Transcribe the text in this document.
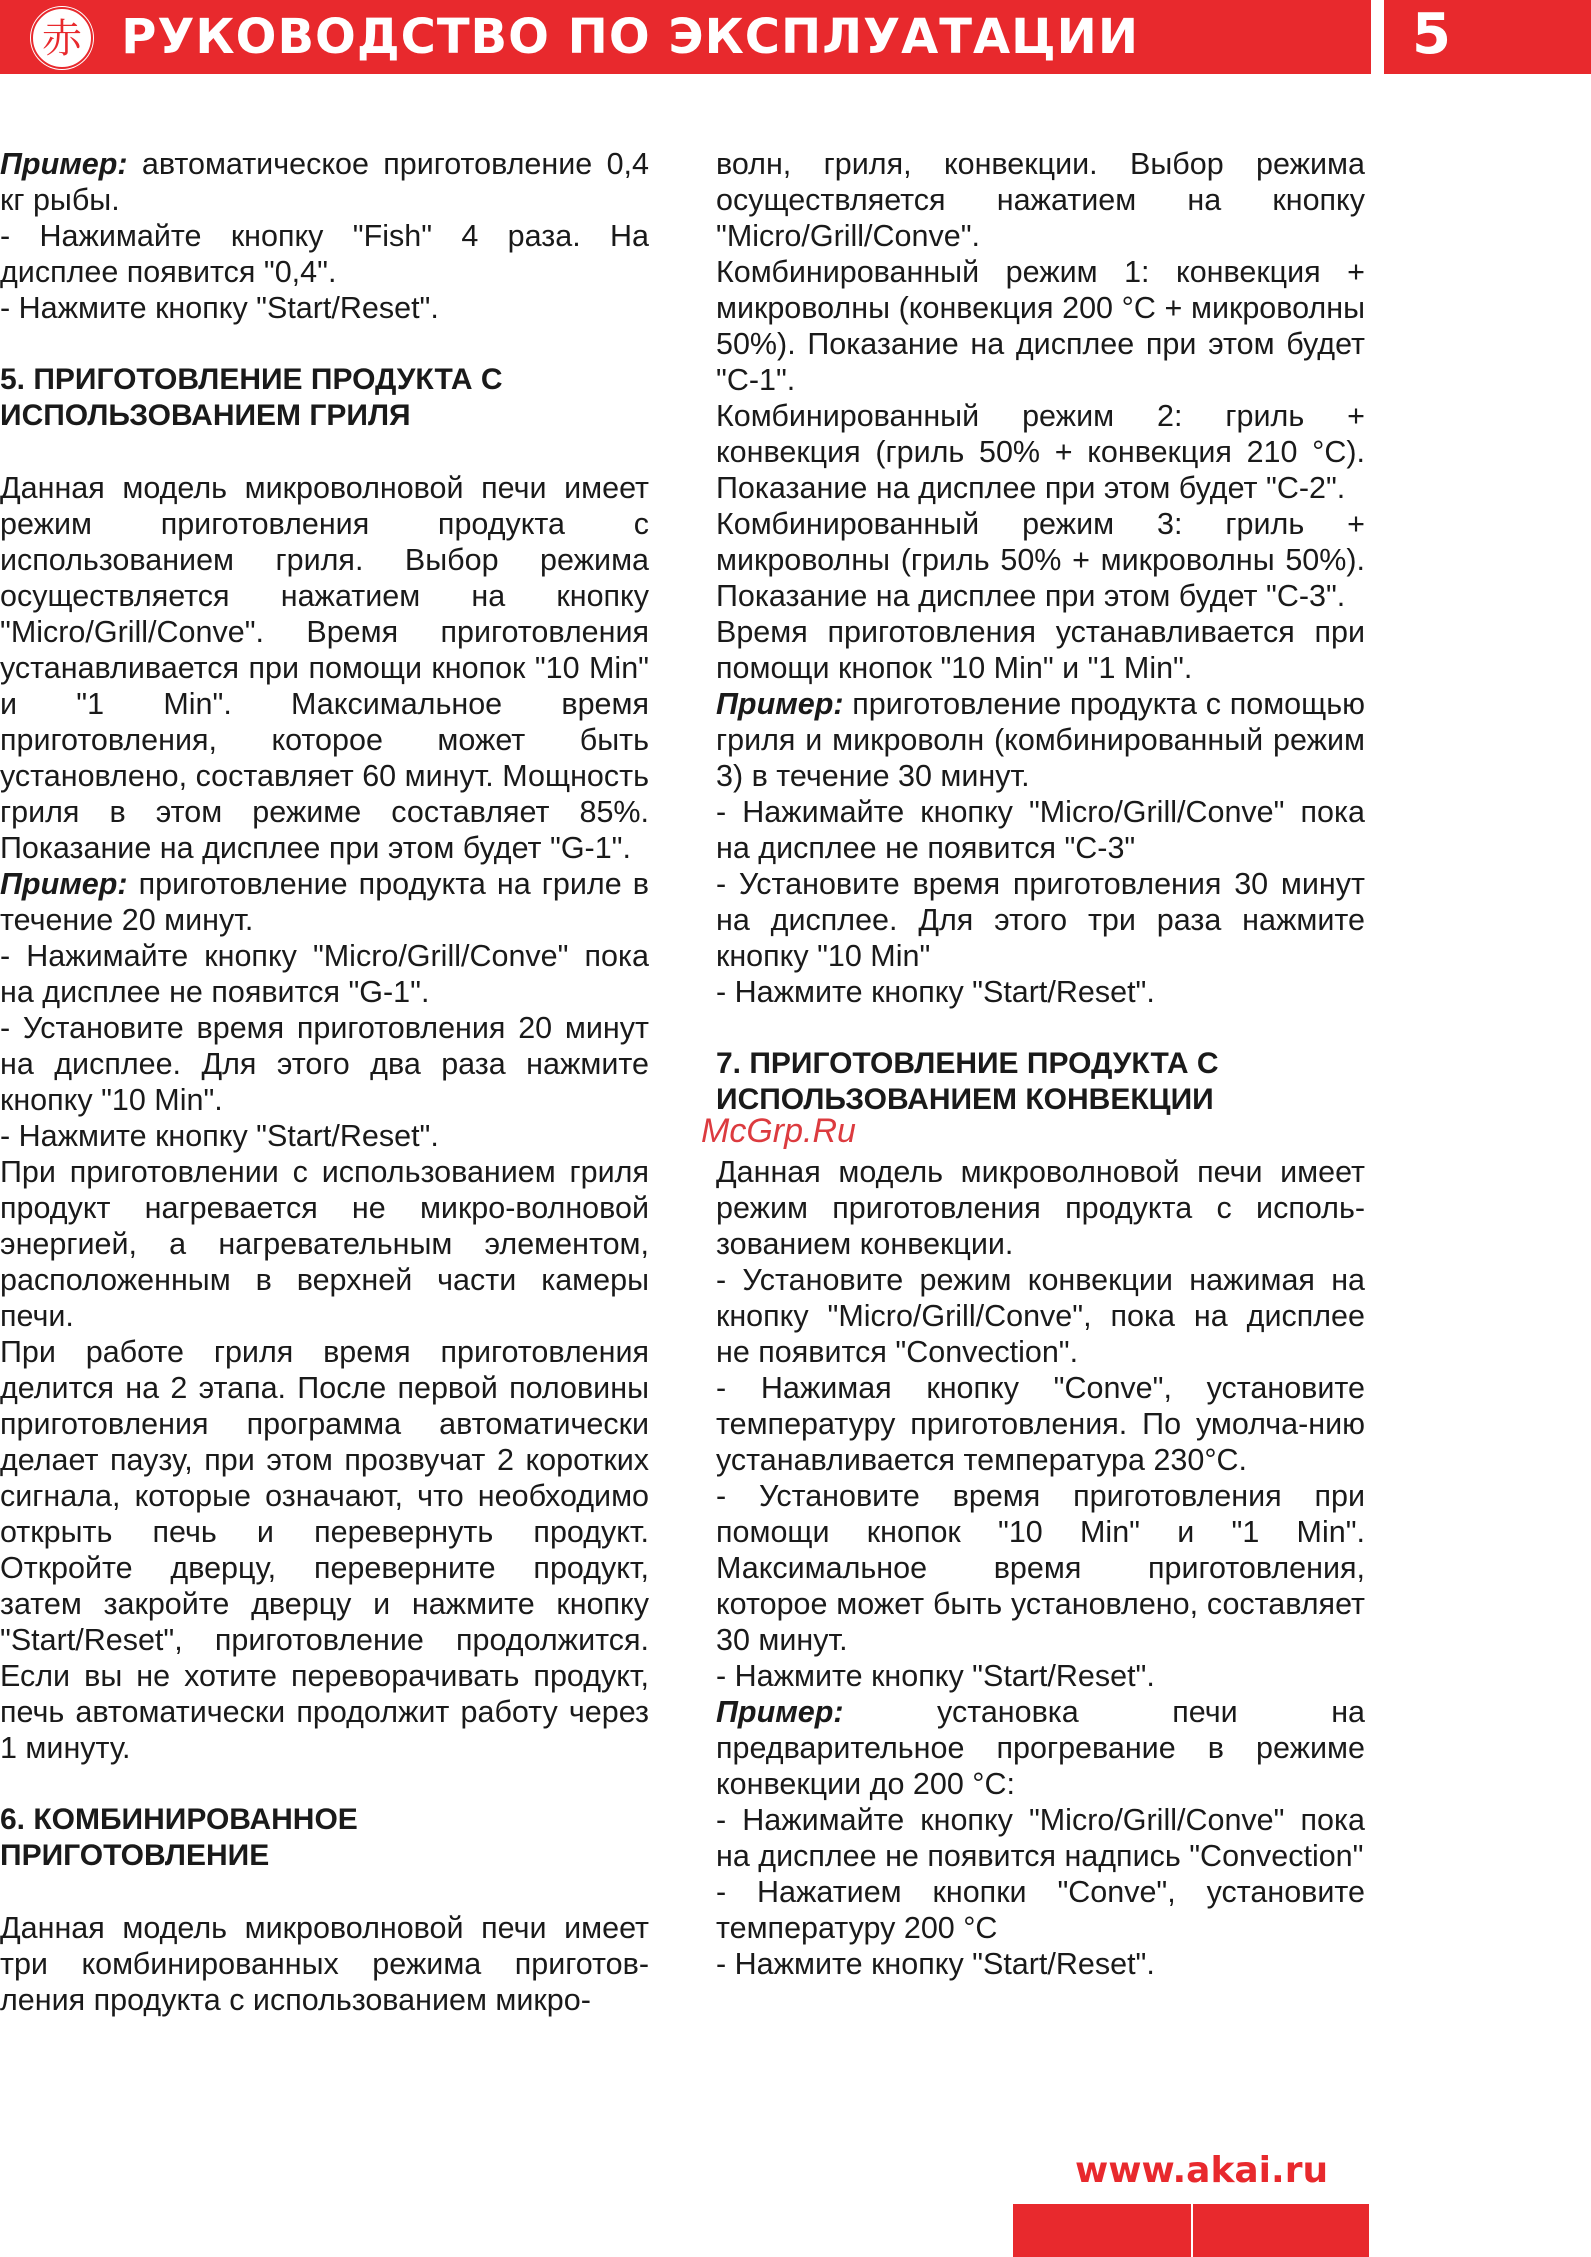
РУКОВОДСТВО ПО ЭКСПЛУАТАЦИИ
赤	5

Пример: автоматическое приготовление 0,4 кг рыбы.

- Нажимайте кнопку "Fish" 4 раза. На дисплее появится "0,4".

- Нажмите кнопку "Start/Reset".

5. ПРИГОТОВЛЕНИЕ ПРОДУКТА С
ИСПОЛЬЗОВАНИЕМ ГРИЛЯ

Данная модель микроволновой печи имеет режим приготовления продукта с использованием гриля. Выбор режима осуществляется нажатием на кнопку "Micro/Grill/Conve". Время приготовления устанавливается при помощи кнопок "10 Min" и "1 Min". Максимальное время приготовления, которое может быть установлено, составляет 60 минут. Мощность гриля в этом режиме составляет 85%. Показание на дисплее при этом будет "G-1".

Пример: приготовление продукта на гриле в течение 20 минут.

- Нажимайте кнопку "Micro/Grill/Conve" пока на дисплее не появится "G-1".

- Установите время приготовления 20 минут на дисплее. Для этого два раза нажмите кнопку "10 Min".

- Нажмите кнопку "Start/Reset".

При приготовлении с использованием гриля продукт нагревается не микро-волновой энергией, а нагревательным элементом, расположенным в верхней части камеры печи.

При работе гриля время приготовления делится на 2 этапа. После первой половины приготовления программа автоматически делает паузу, при этом прозвучат 2 коротких сигнала, которые означают, что необходимо открыть печь и перевернуть продукт. Откройте дверцу, переверните продукт, затем закройте дверцу и нажмите кнопку "Start/Reset", приготовление продолжится. Если вы не хотите переворачивать продукт, печь автоматически продолжит работу через 1 минуту.

6. КОМБИНИРОВАННОЕ
ПРИГОТОВЛЕНИЕ

Данная модель микроволновой печи имеет три комбинированных режима приготов-ления продукта с использованием микро-

волн, гриля, конвекции. Выбор режима осуществляется нажатием на кнопку "Micro/Grill/Conve".

Комбинированный режим 1: конвекция + микроволны (конвекция 200 °С + микроволны 50%). Показание на дисплее при этом будет "С-1".

Комбинированный режим 2: гриль + конвекция (гриль 50% + конвекция 210 °С). Показание на дисплее при этом будет "С-2".

Комбинированный режим 3: гриль + микроволны (гриль 50% + микроволны 50%). Показание на дисплее при этом будет "С-3".

Время приготовления устанавливается при помощи кнопок "10 Min" и "1 Min".

Пример: приготовление продукта с помощью гриля и микроволн (комбинированный режим 3) в течение 30 минут.

- Нажимайте кнопку "Micro/Grill/Conve" пока на дисплее не появится "С-3"

- Установите время приготовления 30 минут на дисплее. Для этого три раза нажмите кнопку "10 Min"

- Нажмите кнопку "Start/Reset".

7. ПРИГОТОВЛЕНИЕ ПРОДУКТА С
ИСПОЛЬЗОВАНИЕМ КОНВЕКЦИИ

Данная модель микроволновой печи имеет режим приготовления продукта с исполь-зованием конвекции.

- Установите режим конвекции нажимая на кнопку "Micro/Grill/Conve", пока на дисплее не появится "Convection".

- Нажимая кнопку "Conve", установите температуру приготовления. По умолча-нию устанавливается температура 230°С.

- Установите время приготовления при помощи кнопок "10 Min" и "1 Min". Максимальное время приготовления, которое может быть установлено, составляет 30 минут.

- Нажмите кнопку "Start/Reset".

Пример: установка печи на предварительное прогревание в режиме конвекции до 200 °С:

- Нажимайте кнопку "Micro/Grill/Conve" пока на дисплее не появится надпись "Convection"

- Нажатием кнопки "Conve", установите температуру 200 °С

- Нажмите кнопку "Start/Reset".

McGrp.Ru
www.akai.ru
